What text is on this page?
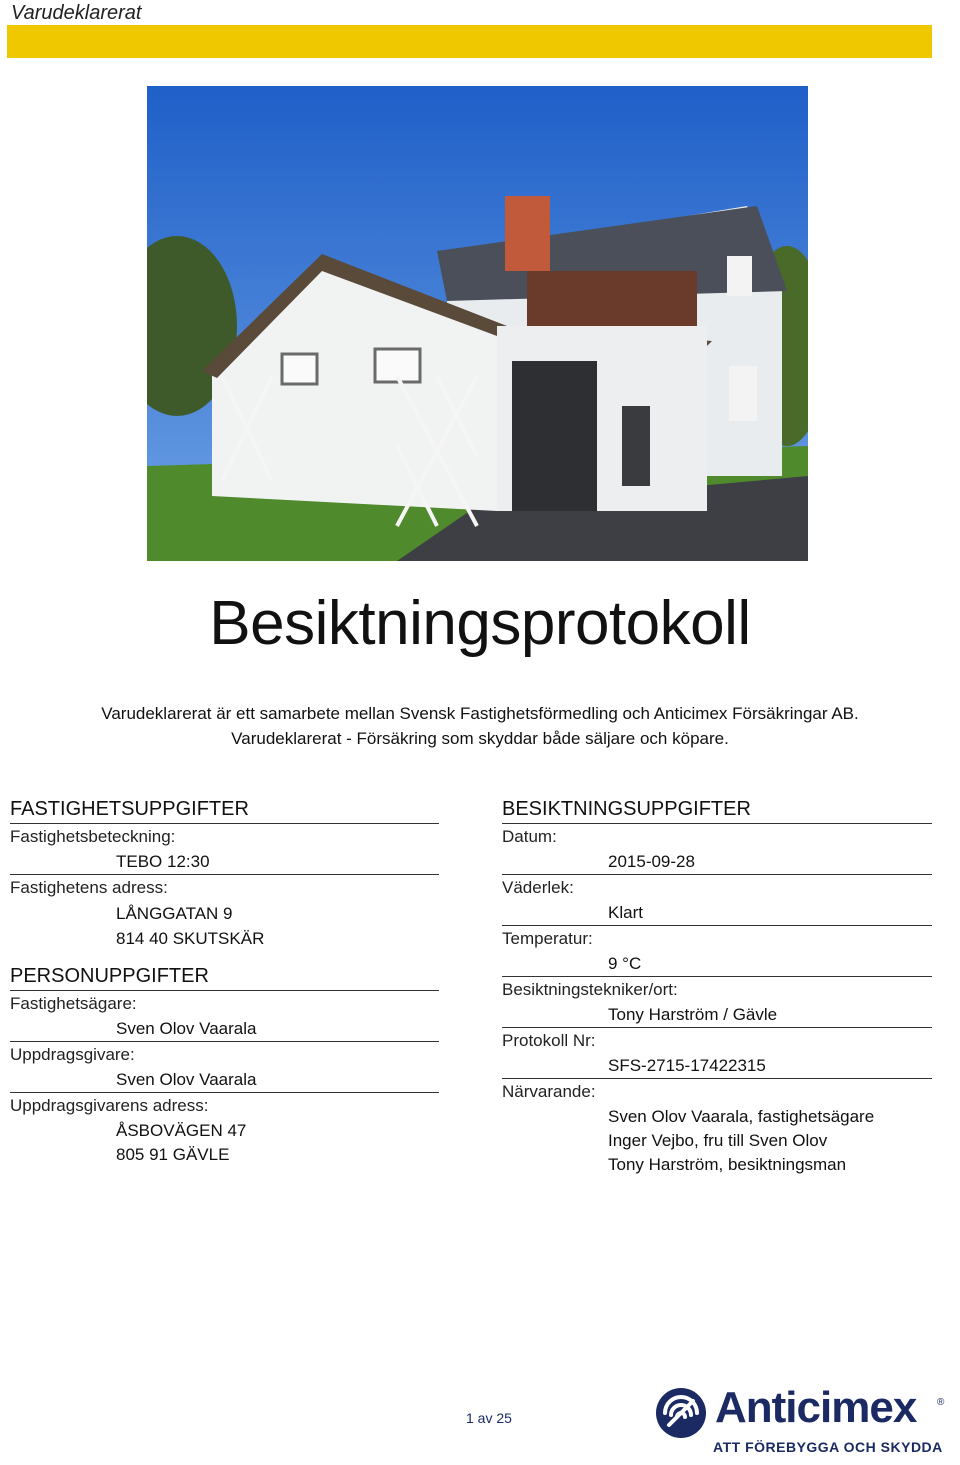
Varudeklarerat
Besiktningsprotokoll
Varudeklarerat är ett samarbete mellan Svensk Fastighetsförmedling och Anticimex Försäkringar AB.
Varudeklarerat - Försäkring som skyddar både säljare och köpare.
FASTIGHETSUPPGIFTER
Fastighetsbeteckning:
TEBO 12:30
Fastighetens adress:
LÅNGGATAN 9
814 40 SKUTSKÄR
PERSONUPPGIFTER
Fastighetsägare:
Sven Olov Vaarala
Uppdragsgivare:
Sven Olov Vaarala
Uppdragsgivarens adress:
ÅSBOVÄGEN 47
805 91 GÄVLE
BESIKTNINGSUPPGIFTER
Datum:
2015-09-28
Väderlek:
Klart
Temperatur:
9 °C
Besiktningstekniker/ort:
Tony Harström / Gävle
Protokoll Nr:
SFS-2715-17422315
Närvarande:
Sven Olov Vaarala, fastighetsägare
Inger Vejbo, fru till Sven Olov
Tony Harström, besiktningsman
1 av 25	Anticimex ®
ATT FÖREBYGGA OCH SKYDDA
